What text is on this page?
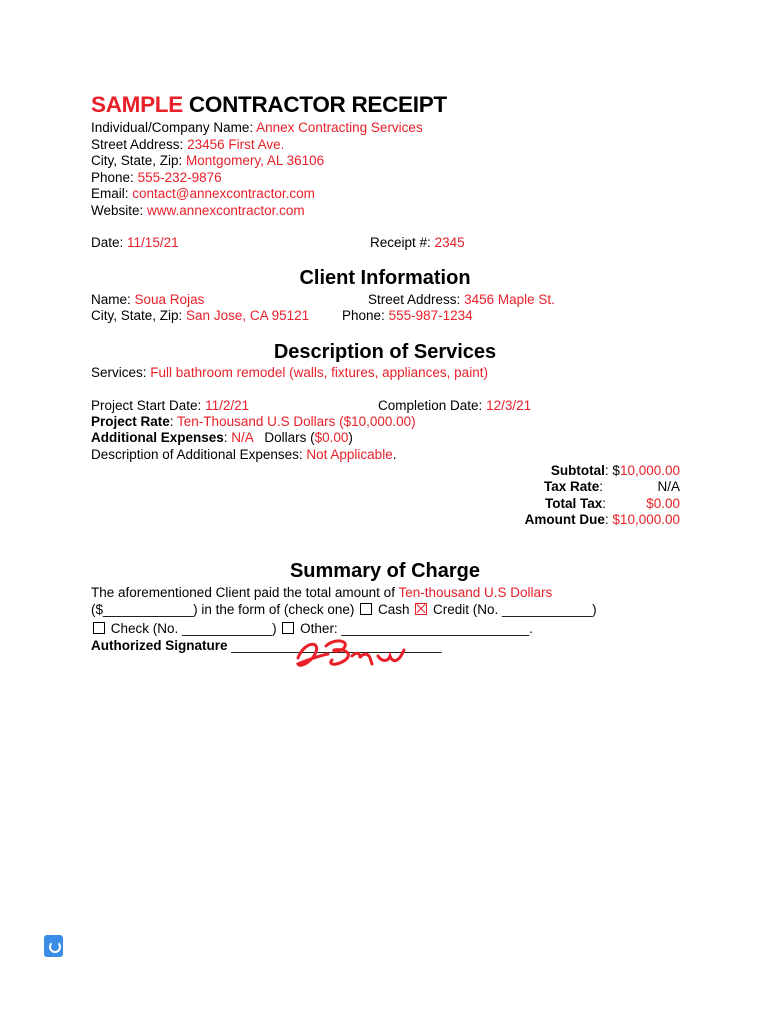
SAMPLE CONTRACTOR RECEIPT
Individual/Company Name: Annex Contracting Services
Street Address: 23456 First Ave.
City, State, Zip: Montgomery, AL 36106
Phone: 555-232-9876
Email: contact@annexcontractor.com
Website: www.annexcontractor.com
Date: 11/15/21	Receipt #: 2345
Client Information
Name: Soua Rojas	Street Address: 3456 Maple St.
City, State, Zip: San Jose, CA 95121 Phone: 555-987-1234
Description of Services
Services: Full bathroom remodel (walls, fixtures, appliances, paint)
Project Start Date: 11/2/21	Completion Date: 12/3/21
Project Rate: Ten-Thousand U.S Dollars ($10,000.00)
Additional Expenses: N/A Dollars ($0.00)
Description of Additional Expenses: Not Applicable.
Subtotal: $10,000.00
Tax Rate:	N/A
Total Tax:	$0.00
Amount Due: $10,000.00
Summary of Charge
The aforementioned Client paid the total amount of Ten-thousand U.S Dollars
($____________) in the form of (check one) Cash Credit (No. ____________)
Check (No. ____________) Other: _________________________.
Authorized Signature ____________________________
